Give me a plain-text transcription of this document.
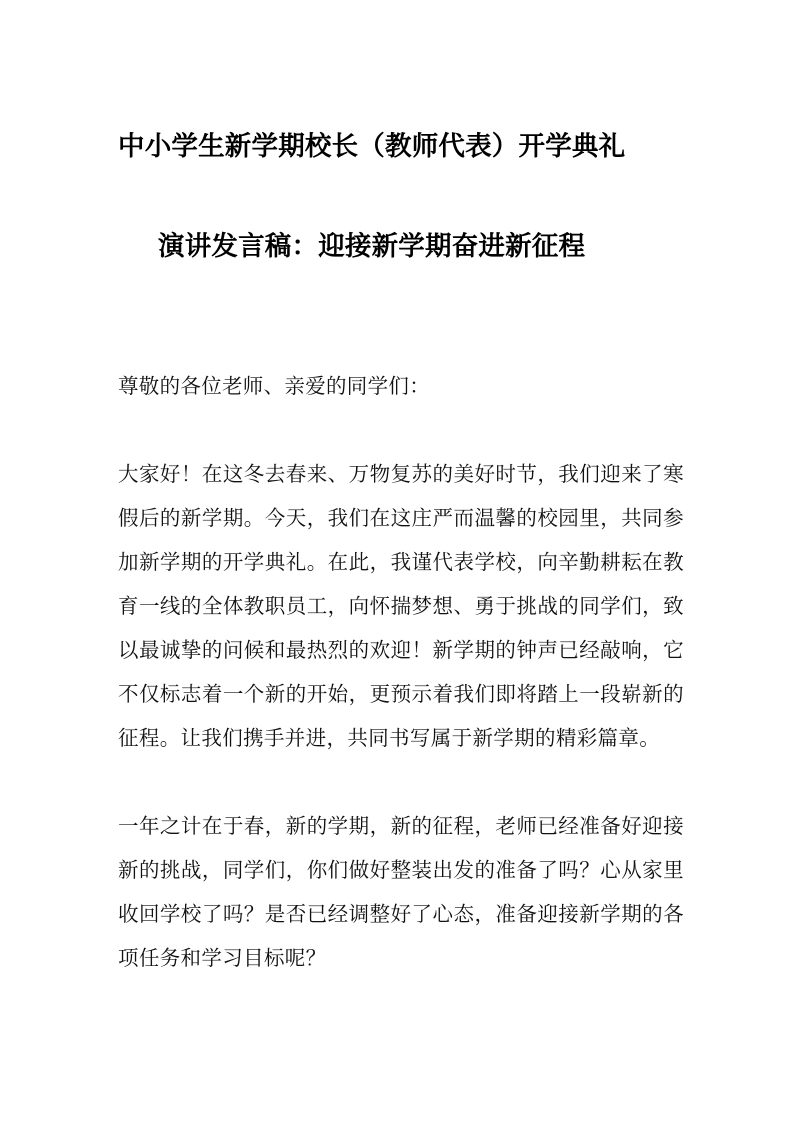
中小学生新学期校长（教师代表）开学典礼
演讲发言稿：迎接新学期奋进新征程
尊敬的各位老师、亲爱的同学们：

大家好！在这冬去春来、万物复苏的美好时节，我们迎来了寒假后的新学期。今天，我们在这庄严而温馨的校园里，共同参加新学期的开学典礼。在此，我谨代表学校，向辛勤耕耘在教育一线的全体教职员工，向怀揣梦想、勇于挑战的同学们，致以最诚挚的问候和最热烈的欢迎！新学期的钟声已经敲响，它不仅标志着一个新的开始，更预示着我们即将踏上一段崭新的征程。让我们携手并进，共同书写属于新学期的精彩篇章。

一年之计在于春，新的学期，新的征程，老师已经准备好迎接新的挑战，同学们，你们做好整装出发的准备了吗？心从家里收回学校了吗？是否已经调整好了心态，准备迎接新学期的各项任务和学习目标呢？
